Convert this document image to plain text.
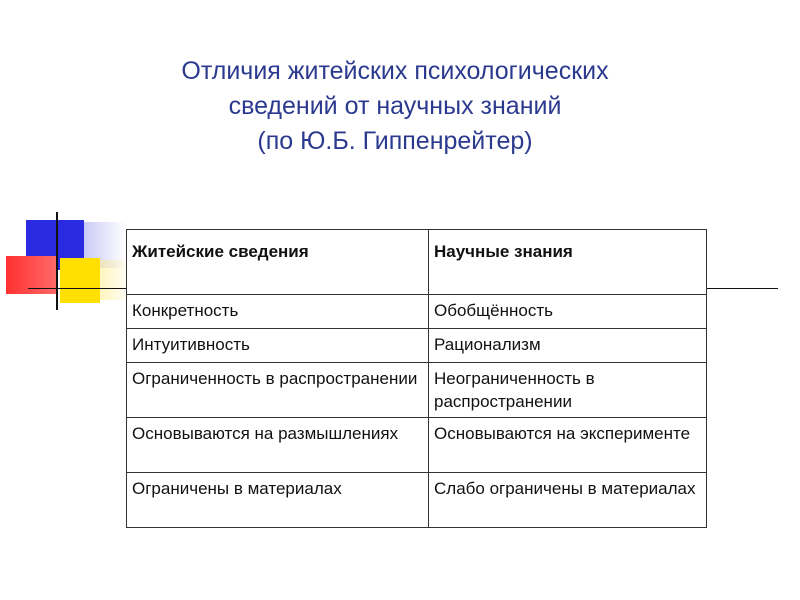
Отличия житейских психологических
сведений от научных знаний
(по Ю.Б. Гиппенрейтер)
Житейские сведения	Научные знания
Конкретность	Обобщённость
Интуитивность	Рационализм
Ограниченность в распространении	Неограниченность в распространении
Основываются на размышлениях	Основываются на эксперименте
Ограничены в материалах	Слабо ограничены в материалах
